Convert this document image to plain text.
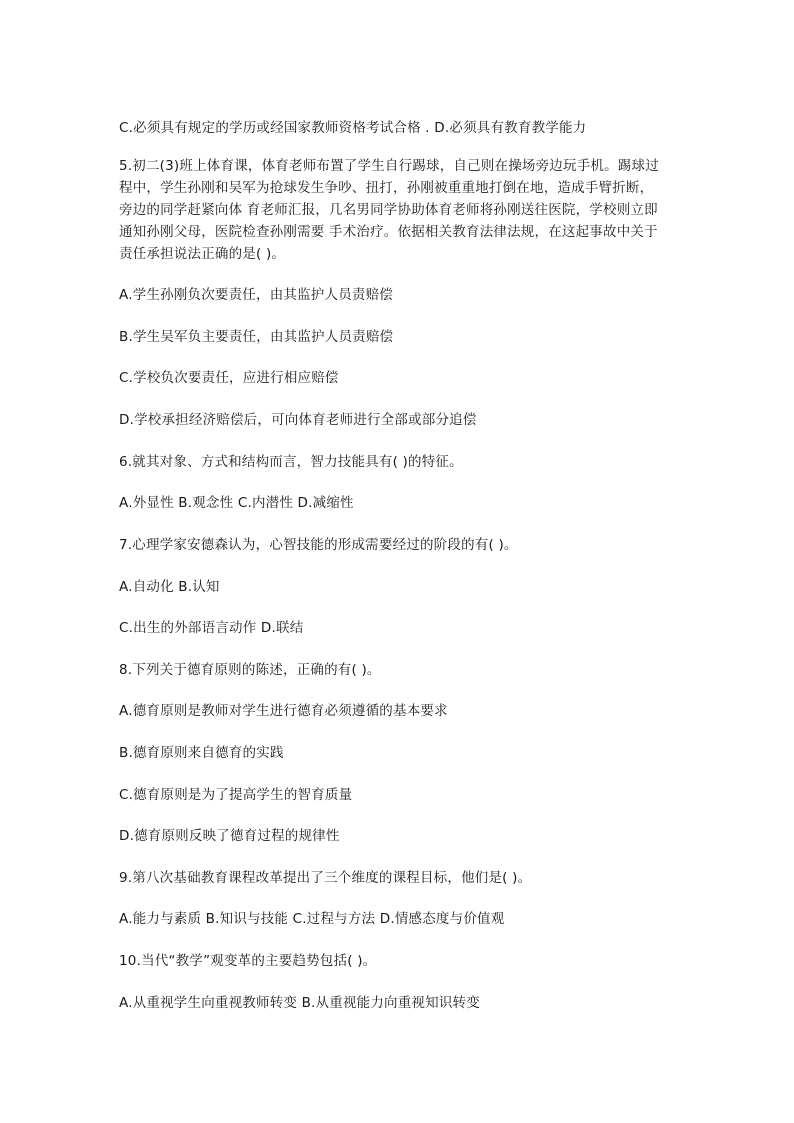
C.必须具有规定的学历或经国家教师资格考试合格 . D.必须具有教育教学能力
5.初二(3)班上体育课，体育老师布置了学生自行踢球，自己则在操场旁边玩手机。踢球过
程中，学生孙刚和吴军为抢球发生争吵、扭打，孙刚被重重地打倒在地，造成手臂折断，
旁边的同学赶紧向体 育老师汇报，几名男同学协助体育老师将孙刚送往医院，学校则立即
通知孙刚父母，医院检查孙刚需要 手术治疗。依据相关教育法律法规，在这起事故中关于
责任承担说法正确的是( )。
A.学生孙刚负次要责任，由其监护人员责赔偿
B.学生吴军负主要责任，由其监护人员责赔偿
C.学校负次要责任，应进行相应赔偿
D.学校承担经济赔偿后，可向体育老师进行全部或部分追偿
6.就其对象、方式和结构而言，智力技能具有( )的特征。
A.外显性 B.观念性 C.内潜性 D.减缩性
7.心理学家安德森认为，心智技能的形成需要经过的阶段的有( )。
A.自动化 B.认知
C.出生的外部语言动作 D.联结
8.下列关于德育原则的陈述，正确的有( )。
A.德育原则是教师对学生进行德育必须遵循的基本要求
B.德育原则来自德育的实践
C.德育原则是为了提高学生的智育质量
D.德育原则反映了德育过程的规律性
9.第八次基础教育课程改革提出了三个维度的课程目标，他们是( )。
A.能力与素质 B.知识与技能 C.过程与方法 D.情感态度与价值观
10.当代“教学”观变革的主要趋势包括( )。
A.从重视学生向重视教师转变 B.从重视能力向重视知识转变
